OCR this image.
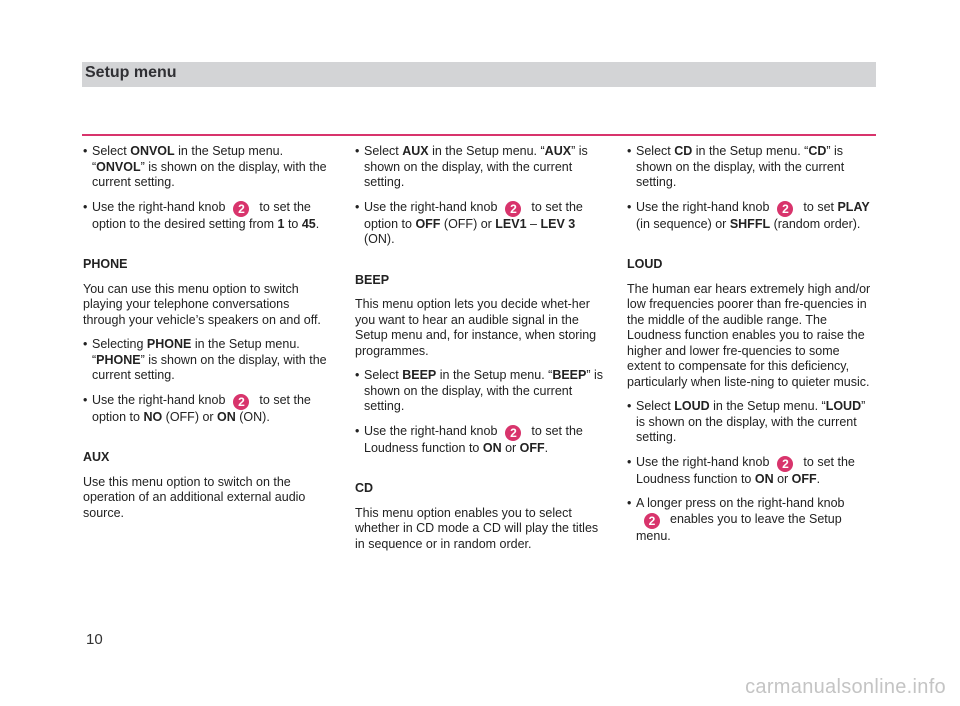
Setup menu
• Select ONVOL in the Setup menu. “ONVOL” is shown on the display, with the current setting.
• Use the right-hand knob 2 to set the option to the desired setting from 1 to 45.
PHONE
You can use this menu option to switch playing your telephone conversations through your vehicle’s speakers on and off.
• Selecting PHONE in the Setup menu. “PHONE” is shown on the display, with the current setting.
• Use the right-hand knob 2 to set the option to NO (OFF) or ON (ON).
AUX
Use this menu option to switch on the operation of an additional external audio source.
• Select AUX in the Setup menu. “AUX” is shown on the display, with the current setting.
• Use the right-hand knob 2 to set the option to OFF (OFF) or LEV1 – LEV 3 (ON).
BEEP
This menu option lets you decide whet-her you want to hear an audible signal in the Setup menu and, for instance, when storing programmes.
• Select BEEP in the Setup menu. “BEEP” is shown on the display, with the current setting.
• Use the right-hand knob 2 to set the Loudness function to ON or OFF.
CD
This menu option enables you to select whether in CD mode a CD will play the titles in sequence or in random order.
• Select CD in the Setup menu. “CD” is shown on the display, with the current setting.
• Use the right-hand knob 2 to set PLAY (in sequence) or SHFFL (random order).
LOUD
The human ear hears extremely high and/or low frequencies poorer than fre-quencies in the middle of the audible range. The Loudness function enables you to raise the higher and lower fre-quencies to some extent to compensate for this deficiency, particularly when liste-ning to quieter music.
• Select LOUD in the Setup menu. “LOUD” is shown on the display, with the current setting.
• Use the right-hand knob 2 to set the Loudness function to ON or OFF.
• A longer press on the right-hand knob
2 enables you to leave the Setup menu.
10
carmanualsonline.info
